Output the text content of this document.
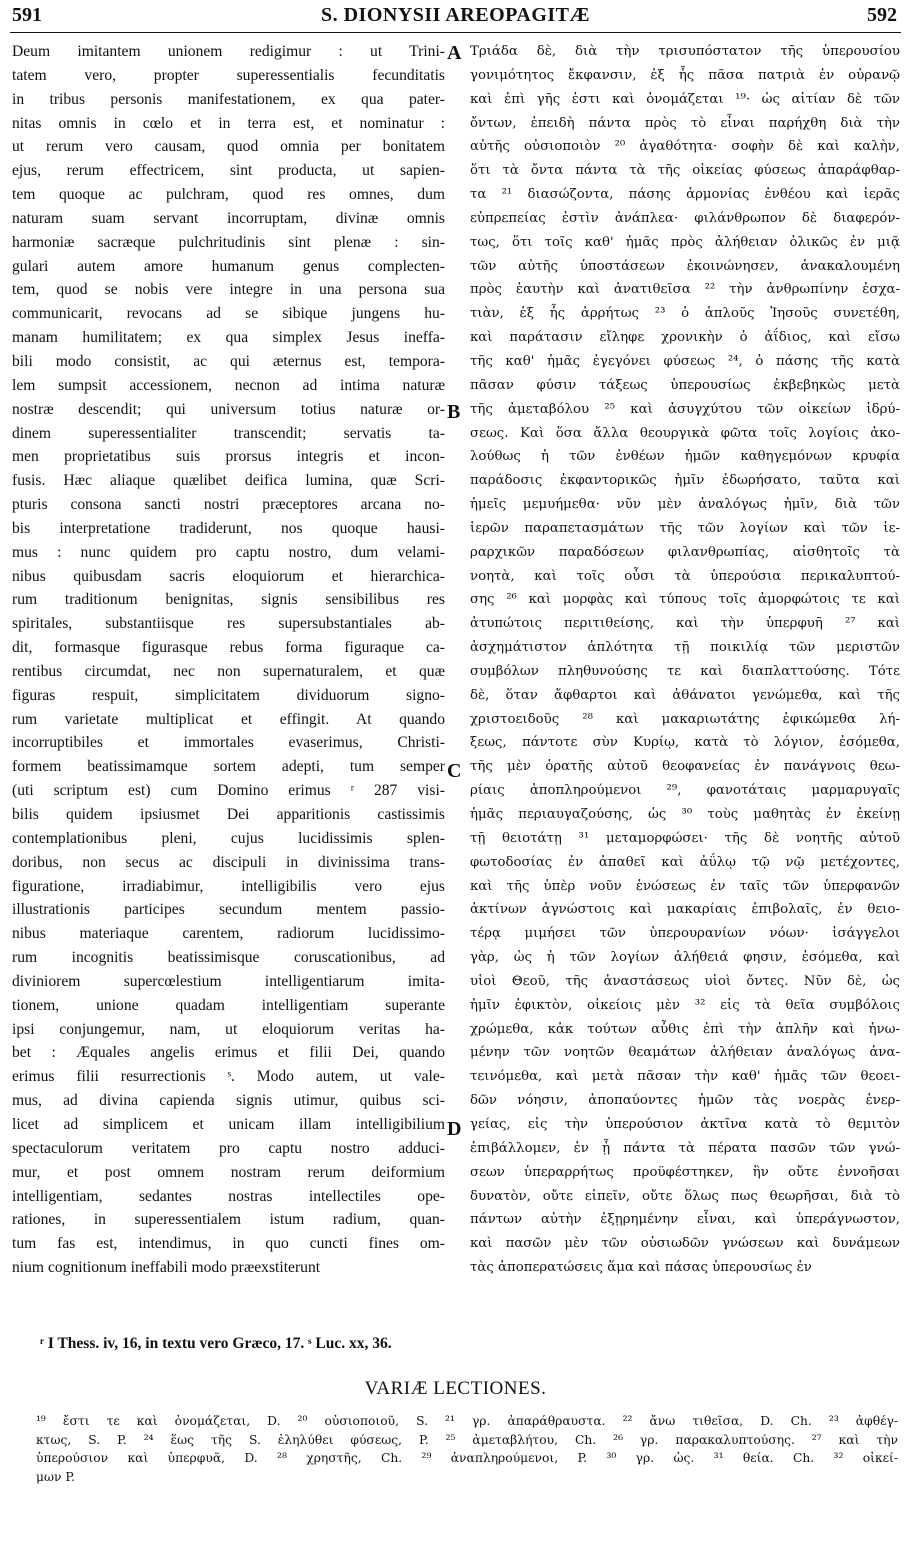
591	S. DIONYSII AREOPAGITÆ	592
Deum imitantem unionem redigimur : ut Trini-
tatem vero, propter superessentialis fecunditatis
in tribus personis manifestationem, ex qua pater-
nitas omnis in cœlo et in terra est, et nominatur :
ut rerum vero causam, quod omnia per bonitatem
ejus, rerum effectricem, sint producta, ut sapien-
tem quoque ac pulchram, quod res omnes, dum
naturam suam servant incorruptam, divinæ omnis
harmoniæ sacræque pulchritudinis sint plenæ : sin-
gulari autem amore humanum genus complecten-
tem, quod se nobis vere integre in una persona sua
communicarit, revocans ad se sibique jungens hu-
manam humilitatem; ex qua simplex Jesus ineffa-
bili modo consistit, ac qui æternus est, tempora-
lem sumpsit accessionem, necnon ad intima naturæ
nostræ descendit; qui universum totius naturæ or-
dinem superessentialiter transcendit; servatis ta-
men proprietatibus suis prorsus integris et incon-
fusis. Hæc aliaque quælibet deifica lumina, quæ Scri-
pturis consona sancti nostri præceptores arcana no-
bis interpretatione tradiderunt, nos quoque hausi-
mus : nunc quidem pro captu nostro, dum velami-
nibus quibusdam sacris eloquiorum et hierarchica-
rum traditionum benignitas, signis sensibilibus res
spiritales, substantiisque res supersubstantiales ab-
dit, formasque figurasque rebus forma figuraque ca-
rentibus circumdat, nec non supernaturalem, et quæ
figuras respuit, simplicitatem dividuorum signo-
rum varietate multiplicat et effingit. At quando
incorruptibiles et immortales evaserimus, Christi-
formem beatissimamque sortem adepti, tum semper
(uti scriptum est) cum Domino erimus ʳ 287 visi-
bilis quidem ipsiusmet Dei apparitionis castissimis
contemplationibus pleni, cujus lucidissimis splen-
doribus, non secus ac discipuli in divinissima trans-
figuratione, irradiabimur, intelligibilis vero ejus
illustrationis participes secundum mentem passio-
nibus materiaque carentem, radiorum lucidissimo-
rum incognitis beatissimisque coruscationibus, ad
diviniorem supercœlestium intelligentiarum imita-
tionem, unione quadam intelligentiam superante
ipsi conjungemur, nam, ut eloquiorum veritas ha-
bet : Æquales angelis erimus et filii Dei, quando
erimus filii resurrectionis ˢ. Modo autem, ut vale-
mus, ad divina capienda signis utimur, quibus sci-
licet ad simplicem et unicam illam intelligibilium
spectaculorum veritatem pro captu nostro adduci-
mur, et post omnem nostram rerum deiformium
intelligentiam, sedantes nostras intellectiles ope-
rationes, in superessentialem istum radium, quan-
tum fas est, intendimus, in quo cuncti fines om-
nium cognitionum ineffabili modo præexstiterunt
Τριάδα δὲ, διὰ τὴν τρισυπόστατον τῆς ὑπερουσίου
γονιμότητος ἔκφανσιν, ἐξ ἧς πᾶσα πατριὰ ἐν οὐρανῷ
καὶ ἐπὶ γῆς ἐστι καὶ ὀνομάζεται ¹⁹· ὡς αἰτίαν δὲ τῶν
ὄντων, ἐπειδὴ πάντα πρὸς τὸ εἶναι παρήχθη διὰ τὴν
αὐτῆς οὐσιοποιὸν ²⁰ ἀγαθότητα· σοφὴν δὲ καὶ καλὴν,
ὅτι τὰ ὄντα πάντα τὰ τῆς οἰκείας φύσεως ἀπαράφθαρ-
τα ²¹ διασώζοντα, πάσης ἁρμονίας ἐνθέου καὶ ἱερᾶς
εὐπρεπείας ἐστὶν ἀνάπλεα· φιλάνθρωπον δὲ διαφερόν-
τως, ὅτι τοῖς καθ' ἡμᾶς πρὸς ἀλήθειαν ὁλικῶς ἐν μιᾷ
τῶν αὐτῆς ὑποστάσεων ἐκοινώνησεν, ἀνακαλουμένη
πρὸς ἑαυτὴν καὶ ἀνατιθεῖσα ²² τὴν ἀνθρωπίνην ἐσχα-
τιὰν, ἐξ ἧς ἀρρήτως ²³ ὁ ἁπλοῦς Ἰησοῦς συνετέθη,
καὶ παράτασιν εἴληφε χρονικὴν ὁ ἀΐδιος, καὶ εἴσω
τῆς καθ' ἡμᾶς ἐγεγόνει φύσεως ²⁴, ὁ πάσης τῆς κατὰ
πᾶσαν φύσιν τάξεως ὑπερουσίως ἐκβεβηκὼς μετὰ
τῆς ἀμεταβόλου ²⁵ καὶ ἀσυγχύτου τῶν οἰκείων ἱδρύ-
σεως. Καὶ ὅσα ἄλλα θεουργικὰ φῶτα τοῖς λογίοις ἀκο-
λούθως ἡ τῶν ἐνθέων ἡμῶν καθηγεμόνων κρυφία
παράδοσις ἐκφαντορικῶς ἡμῖν ἐδωρήσατο, ταῦτα καὶ
ἡμεῖς μεμυήμεθα· νῦν μὲν ἀναλόγως ἡμῖν, διὰ τῶν
ἱερῶν παραπετασμάτων τῆς τῶν λογίων καὶ τῶν ἱε-
ραρχικῶν παραδόσεων φιλανθρωπίας, αἰσθητοῖς τὰ
νοητὰ, καὶ τοῖς οὖσι τὰ ὑπερούσια περικαλυπτού-
σης ²⁶ καὶ μορφὰς καὶ τύπους τοῖς ἀμορφώτοις τε καὶ
ἀτυπώτοις περιτιθείσης, καὶ τὴν ὑπερφυῆ ²⁷ καὶ
ἀσχημάτιστον ἁπλότητα τῇ ποικιλίᾳ τῶν μεριστῶν
συμβόλων πληθυνούσης τε καὶ διαπλαττούσης. Τότε
δὲ, ὅταν ἄφθαρτοι καὶ ἀθάνατοι γενώμεθα, καὶ τῆς
χριστοειδοῦς ²⁸ καὶ μακαριωτάτης ἐφικώμεθα λή-
ξεως, πάντοτε σὺν Κυρίῳ, κατὰ τὸ λόγιον, ἐσόμεθα,
τῆς μὲν ὁρατῆς αὐτοῦ θεοφανείας ἐν πανάγνοις θεω-
ρίαις ἀποπληρούμενοι ²⁹, φανοτάταις μαρμαρυγαῖς
ἡμᾶς περιαυγαζούσης, ὡς ³⁰ τοὺς μαθητὰς ἐν ἐκείνῃ
τῇ θειοτάτῃ ³¹ μεταμορφώσει· τῆς δὲ νοητῆς αὐτοῦ
φωτοδοσίας ἐν ἀπαθεῖ καὶ ἀΰλῳ τῷ νῷ μετέχοντες,
καὶ τῆς ὑπὲρ νοῦν ἑνώσεως ἐν ταῖς τῶν ὑπερφανῶν
ἀκτίνων ἀγνώστοις καὶ μακαρίαις ἐπιβολαῖς, ἐν θειο-
τέρᾳ μιμήσει τῶν ὑπερουρανίων νόων· ἰσάγγελοι
γὰρ, ὡς ἡ τῶν λογίων ἀλήθειά φησιν, ἐσόμεθα, καὶ
υἱοὶ Θεοῦ, τῆς ἀναστάσεως υἱοὶ ὄντες. Νῦν δὲ, ὡς
ἡμῖν ἐφικτὸν, οἰκείοις μὲν ³² εἰς τὰ θεῖα συμβόλοις
χρώμεθα, κἀκ τούτων αὖθις ἐπὶ τὴν ἁπλῆν καὶ ἡνω-
μένην τῶν νοητῶν θεαμάτων ἀλήθειαν ἀναλόγως ἀνα-
τεινόμεθα, καὶ μετὰ πᾶσαν τὴν καθ' ἡμᾶς τῶν θεοει-
δῶν νόησιν, ἀποπαύοντες ἡμῶν τὰς νοερὰς ἐνερ-
γείας, εἰς τὴν ὑπερούσιον ἀκτῖνα κατὰ τὸ θεμιτὸν
ἐπιβάλλομεν, ἐν ᾗ πάντα τὰ πέρατα πασῶν τῶν γνώ-
σεων ὑπεραρρήτως προϋφέστηκεν, ἣν οὔτε ἐννοῆσαι
δυνατὸν, οὔτε εἰπεῖν, οὔτε ὅλως πως θεωρῆσαι, διὰ τὸ
πάντων αὐτὴν ἐξῃρημένην εἶναι, καὶ ὑπεράγνωστον,
καὶ πασῶν μὲν τῶν οὐσιωδῶν γνώσεων καὶ δυνάμεων
τὰς ἀποπερατώσεις ἅμα καὶ πάσας ὑπερουσίως ἐν
A
B
C
D
ʳ I Thess. iv, 16, in textu vero Græco, 17. ˢ Luc. xx, 36.
VARIÆ LECTIONES.
¹⁹ ἔστι τε καὶ ὀνομάζεται, D. ²⁰ οὐσιοποιοῦ, S. ²¹ γρ. ἀπαράθραυστα. ²² ἄνω τιθεῖσα, D. Ch. ²³ ἀφθέγ-
κτως, S. P. ²⁴ ἕως τῆς S. ἐληλύθει φύσεως, P. ²⁵ ἀμεταβλήτου, Ch. ²⁶ γρ. παρακαλυπτούσης. ²⁷ καὶ τὴν
ὑπερούσιον καὶ ὑπερφυᾶ, D. ²⁸ χρηστῆς, Ch. ²⁹ ἀναπληρούμενοι, P. ³⁰ γρ. ὡς. ³¹ θεία. Ch. ³² οἰκεί-
μων P.
